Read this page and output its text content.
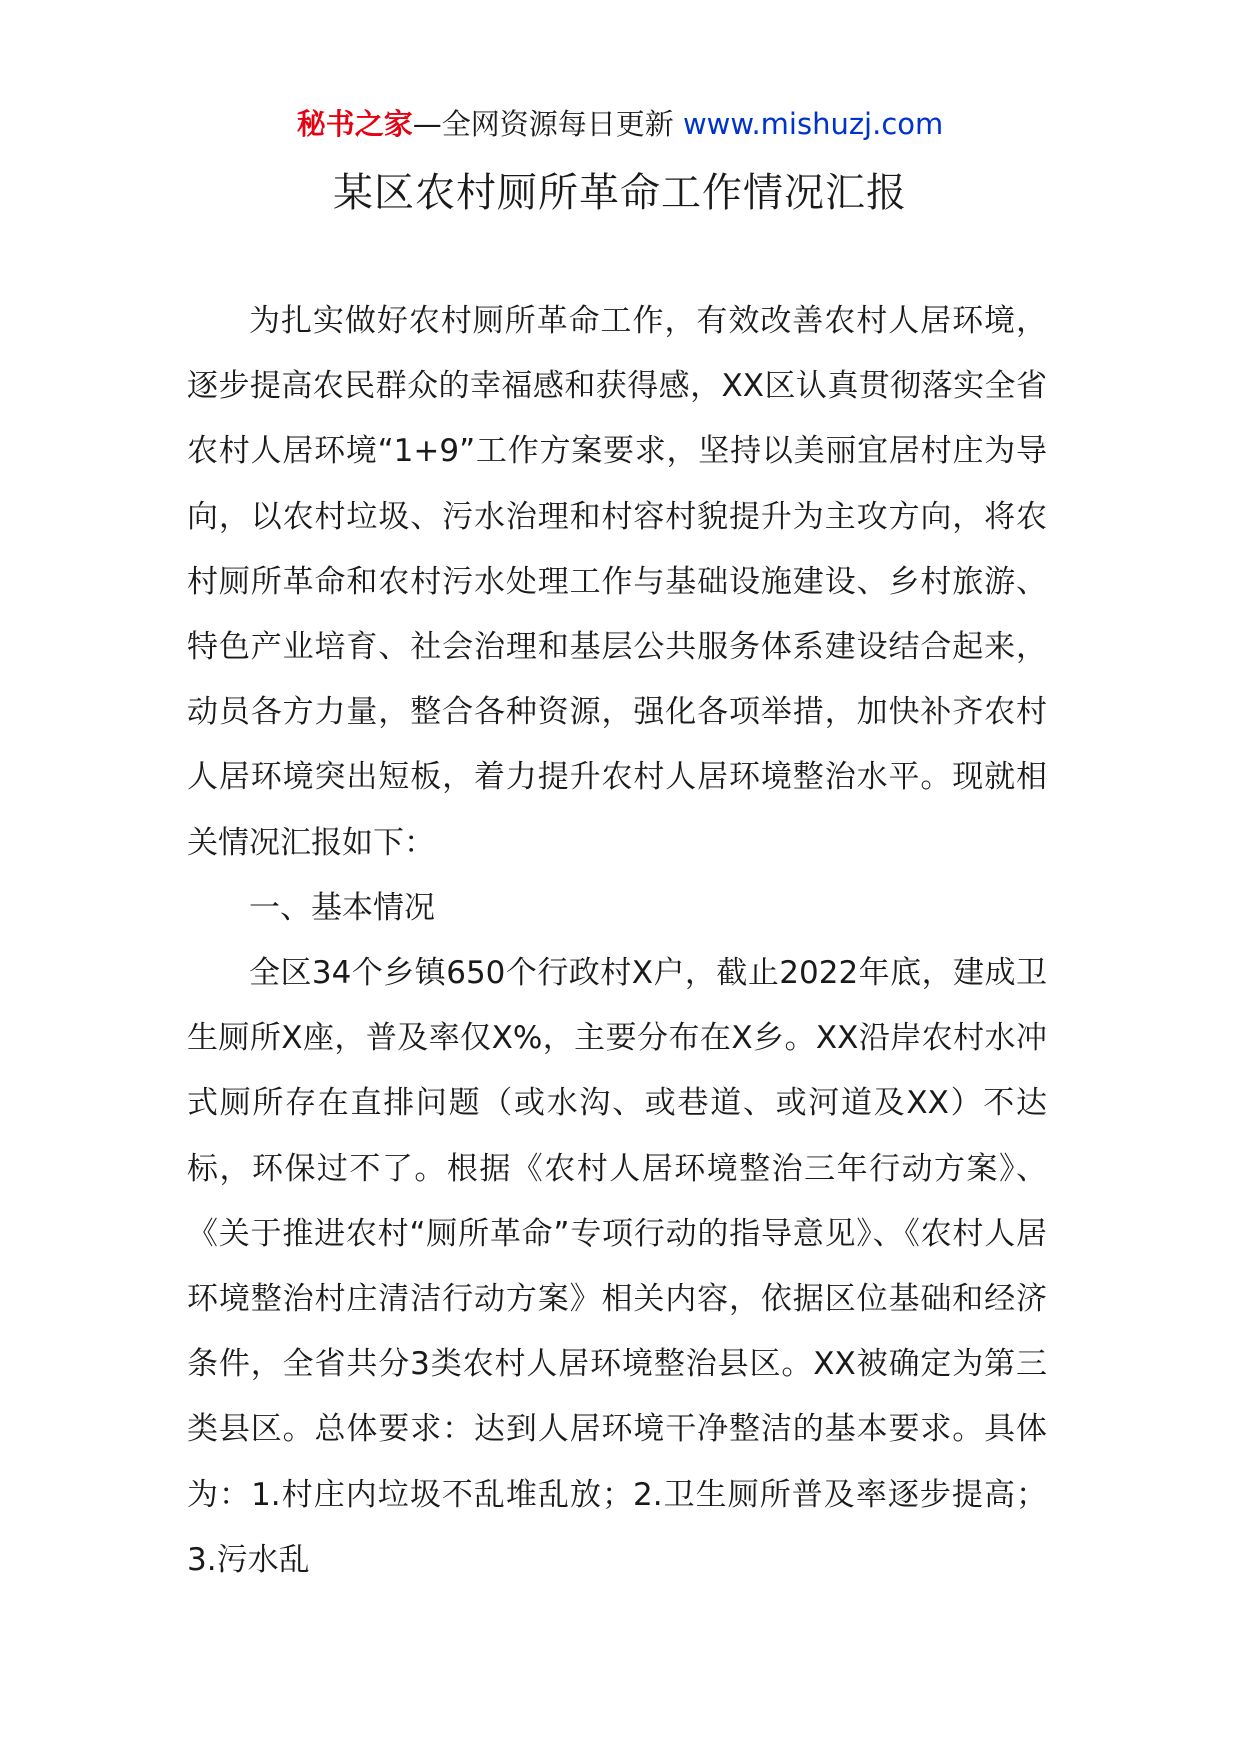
秘书之家—全网资源每日更新 www.mishuzj.com
某区农村厕所革命工作情况汇报

为扎实做好农村厕所革命工作，有效改善农村人居环境，逐步提高农民群众的幸福感和获得感，XX区认真贯彻落实全省农村人居环境“1+9”工作方案要求，坚持以美丽宜居村庄为导向，以农村垃圾、污水治理和村容村貌提升为主攻方向，将农村厕所革命和农村污水处理工作与基础设施建设、乡村旅游、特色产业培育、社会治理和基层公共服务体系建设结合起来，动员各方力量，整合各种资源，强化各项举措，加快补齐农村人居环境突出短板，着力提升农村人居环境整治水平。现就相关情况汇报如下：

一、基本情况

全区34个乡镇650个行政村X户，截止2022年底，建成卫生厕所X座，普及率仅X%，主要分布在X乡。XX沿岸农村水冲式厕所存在直排问题（或水沟、或巷道、或河道及XX）不达标，环保过不了。根据《农村人居环境整治三年行动方案》、《关于推进农村“厕所革命”专项行动的指导意见》、《农村人居环境整治村庄清洁行动方案》相关内容，依据区位基础和经济条件，全省共分3类农村人居环境整治县区。XX被确定为第三类县区。总体要求：达到人居环境干净整洁的基本要求。具体为：1.村庄内垃圾不乱堆乱放；2.卫生厕所普及率逐步提高；3.污水乱
